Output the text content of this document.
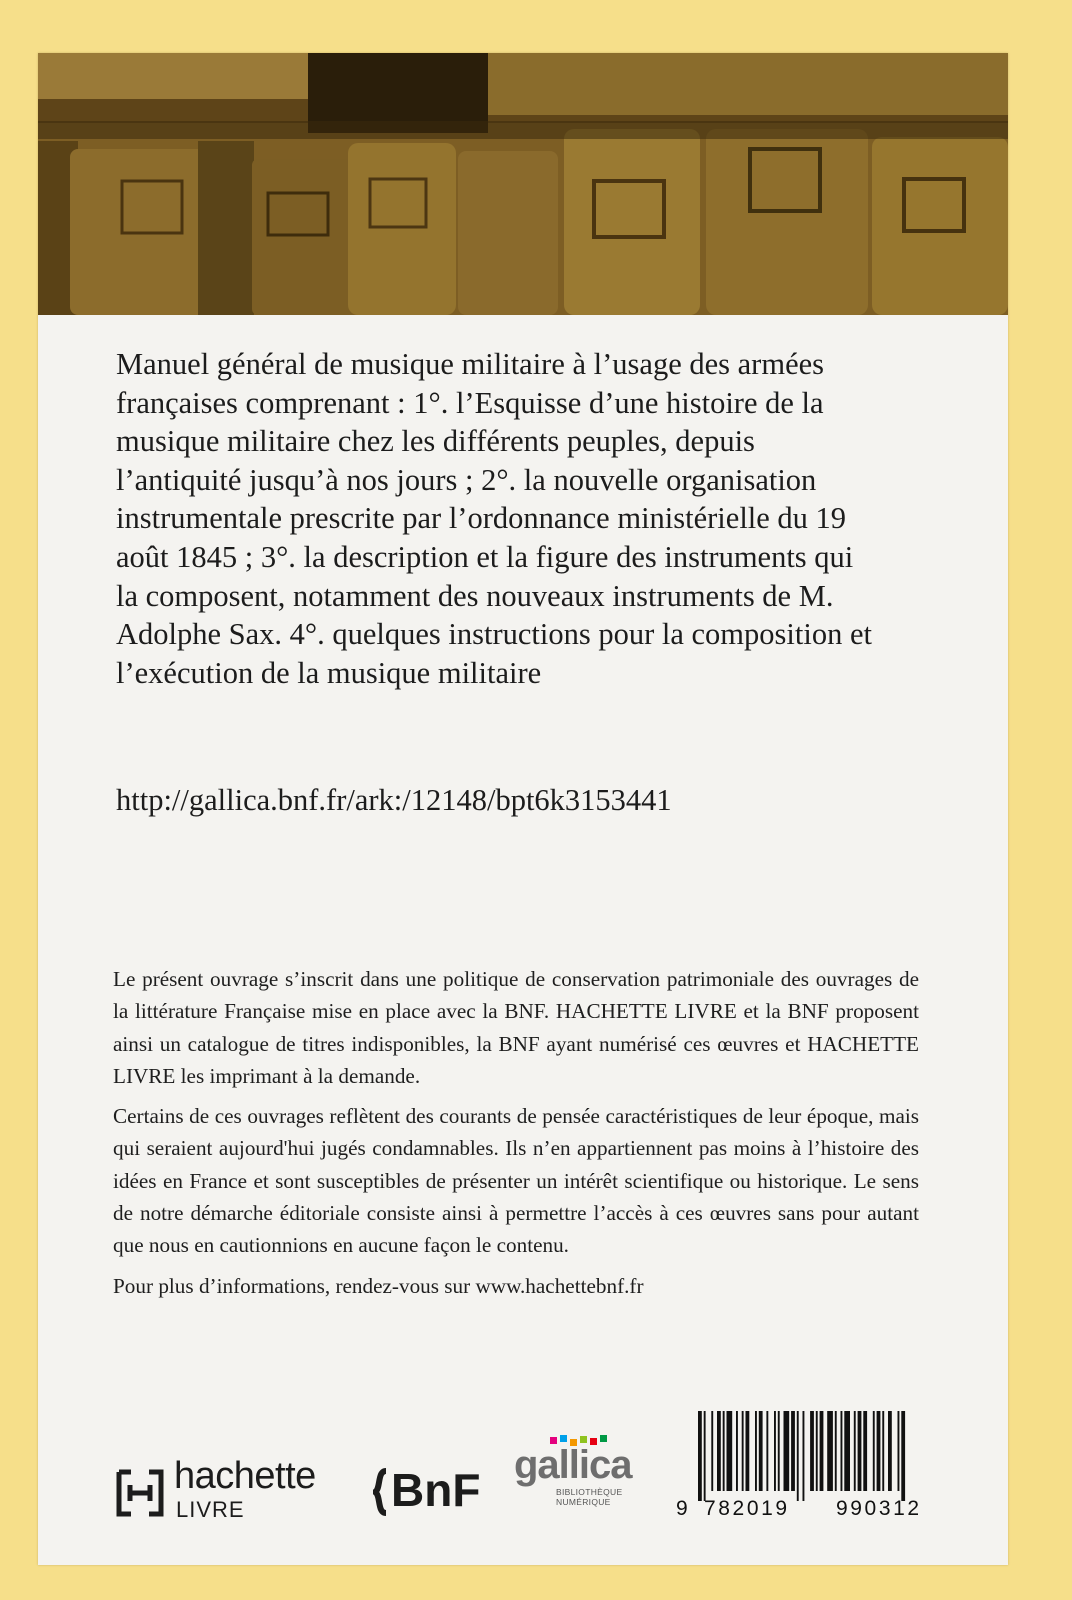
Manuel général de musique militaire à l’usage des armées françaises comprenant : 1°. l’Esquisse d’une histoire de la musique militaire chez les différents peuples, depuis l’antiquité jusqu’à nos jours ; 2°. la nouvelle organisation instrumentale prescrite par l’ordonnance ministérielle du 19 août 1845 ; 3°. la description et la figure des instruments qui la composent, notamment des nouveaux instruments de M. Adolphe Sax. 4°. quelques instructions pour la composition et l’exécution de la musique militaire

http://gallica.bnf.fr/ark:/12148/bpt6k3153441

Le présent ouvrage s’inscrit dans une politique de conservation patrimoniale des ouvrages de la littérature Française mise en place avec la BNF. HACHETTE LIVRE et la BNF proposent ainsi un catalogue de titres indisponibles, la BNF ayant numérisé ces œuvres et HACHETTE LIVRE les imprimant à la demande.

Certains de ces ouvrages reflètent des courants de pensée caractéristiques de leur époque, mais qui seraient aujourd'hui jugés condamnables. Ils n’en appartiennent pas moins à l’histoire des idées en France et sont susceptibles de présenter un intérêt scientifique ou historique. Le sens de notre démarche éditoriale consiste ainsi à permettre l’accès à ces œuvres sans pour autant que nous en cautionnions en aucune façon le contenu.

Pour plus d’informations, rendez-vous sur www.hachettebnf.fr

hachette
LIVRE	BnF gallica
BIBLIOTHÈQUE
NUMÉRIQUE	9 782019 990312
